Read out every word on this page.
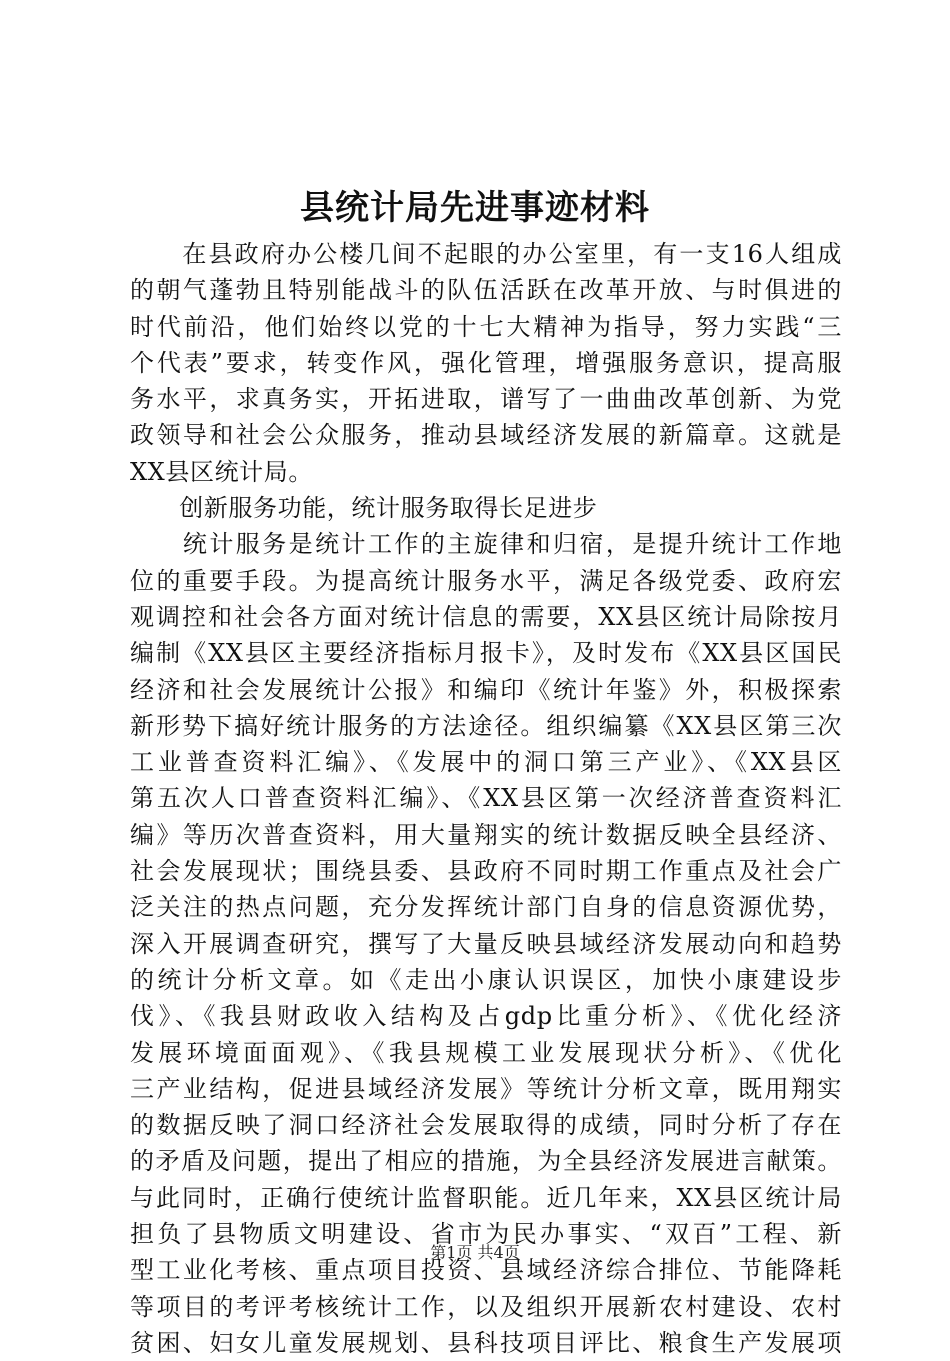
县统计局先进事迹材料
　　在县政府办公楼几间不起眼的办公室里，有一支16人组成
的朝气蓬勃且特别能战斗的队伍活跃在改革开放、与时俱进的
时代前沿，他们始终以党的十七大精神为指导，努力实践“三
个代表”要求，转变作风，强化管理，增强服务意识，提高服
务水平，求真务实，开拓进取，谱写了一曲曲改革创新、为党
政领导和社会公众服务，推动县域经济发展的新篇章。这就是
XX县区统计局。
　　创新服务功能，统计服务取得长足进步
　　统计服务是统计工作的主旋律和归宿，是提升统计工作地
位的重要手段。为提高统计服务水平，满足各级党委、政府宏
观调控和社会各方面对统计信息的需要，XX县区统计局除按月
编制《XX县区主要经济指标月报卡》，及时发布《XX县区国民
经济和社会发展统计公报》和编印《统计年鉴》外，积极探索
新形势下搞好统计服务的方法途径。组织编纂《XX县区第三次
工业普查资料汇编》、《发展中的洞口第三产业》、《XX县区
第五次人口普查资料汇编》、《XX县区第一次经济普查资料汇
编》等历次普查资料，用大量翔实的统计数据反映全县经济、
社会发展现状；围绕县委、县政府不同时期工作重点及社会广
泛关注的热点问题，充分发挥统计部门自身的信息资源优势，
深入开展调查研究，撰写了大量反映县域经济发展动向和趋势
的统计分析文章。如《走出小康认识误区，加快小康建设步
伐》、《我县财政收入结构及占gdp比重分析》、《优化经济
发展环境面面观》、《我县规模工业发展现状分析》、《优化
三产业结构，促进县域经济发展》等统计分析文章，既用翔实
的数据反映了洞口经济社会发展取得的成绩，同时分析了存在
的矛盾及问题，提出了相应的措施，为全县经济发展进言献策。
与此同时，正确行使统计监督职能。近几年来，XX县区统计局
担负了县物质文明建设、省市为民办事实、“双百”工程、新
型工业化考核、重点项目投资、县域经济综合排位、节能降耗
等项目的考评考核统计工作，以及组织开展新农村建设、农村
贫困、妇女儿童发展规划、县科技项目评比、粮食生产发展项
第1页 共4页
